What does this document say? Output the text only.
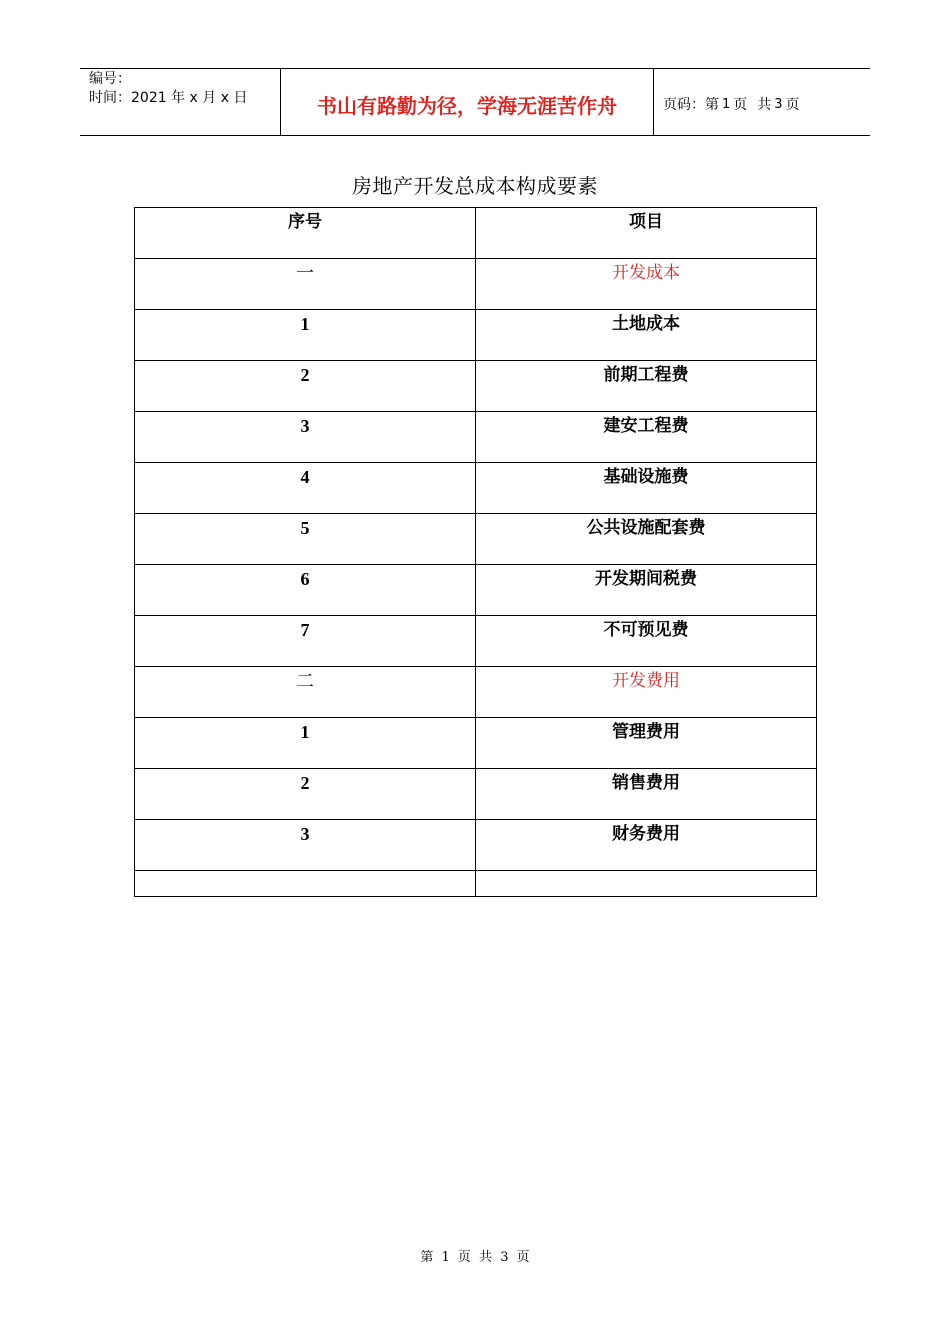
编号：
时间：2021 年 x 月 x 日	书山有路勤为径，学海无涯苦作舟	页码：第 1 页 共 3 页
房地产开发总成本构成要素
序号	项目
一	开发成本
1	土地成本
2	前期工程费
3	建安工程费
4	基础设施费
5	公共设施配套费
6	开发期间税费
7	不可预见费
二	开发费用
1	管理费用
2	销售费用
3	财务费用

第 1 页 共 3 页
